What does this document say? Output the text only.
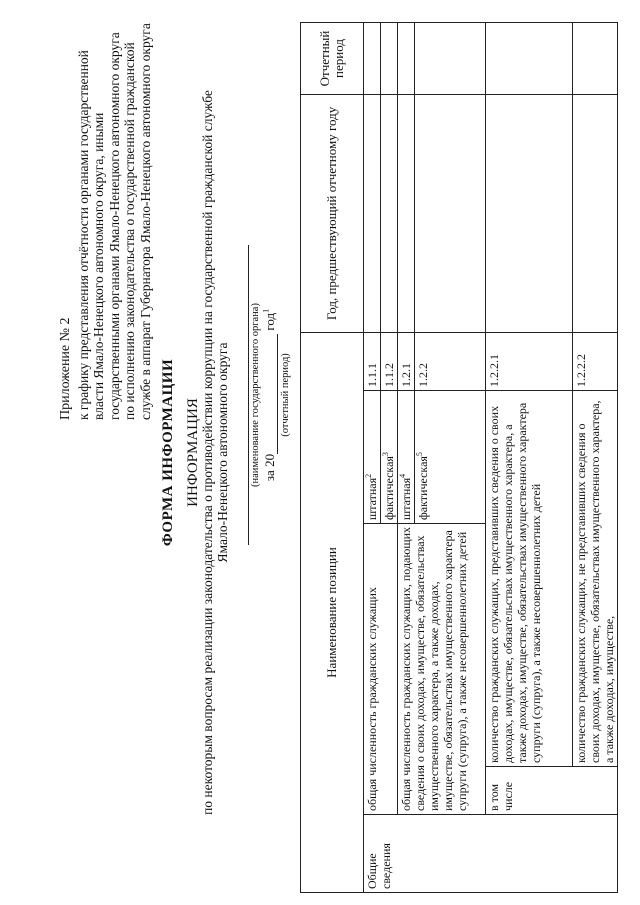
Приложение № 2 к графику представления отчётности органами государственной власти Ямало-Ненецкого автономного округа, иными государственными органами Ямало-Ненецкого автономного округа по исполнению законодательства о государственной гражданской службе в аппарат Губернатора Ямало-Ненецкого автономного округа
ФОРМА ИНФОРМАЦИИ ИНФОРМАЦИЯ по некоторым вопросам реализации законодательства о противодействии коррупции на государственной гражданской службе Ямало-Ненецкого автономного округа (наименование государственного органа) за 20 год$^1$
(отчетный период)
Наименование позиции					Год, предшествующий отчетному году	Отчетный период
Общие сведения	общая численность гражданских служащих		штатная$^2$	1.1.1		
			фактическая$^3$	1.1.2		
	общая численность гражданских служащих, подающих сведения о своих доходах, имуществе, обязательствах имущественного характера, а также доходах, имуществе, обязательствах имущественного характера супруги (супруга), а также несовершеннолетних детей		штатная$^4$	1.2.1		
			фактическая$^5$	1.2.2		
	в том числе	количество гражданских служащих, представивших сведения о своих доходах, имуществе, обязательствах имущественного характера, а также доходах, имуществе, обязательствах имущественного характера супруги (супруга), а также несовершеннолетних детей		1.2.2.1		
		количество гражданских служащих, не представивших сведения о своих доходах, имуществе, обязательствах имущественного характера, а также доходах, имуществе,		1.2.2.2		
